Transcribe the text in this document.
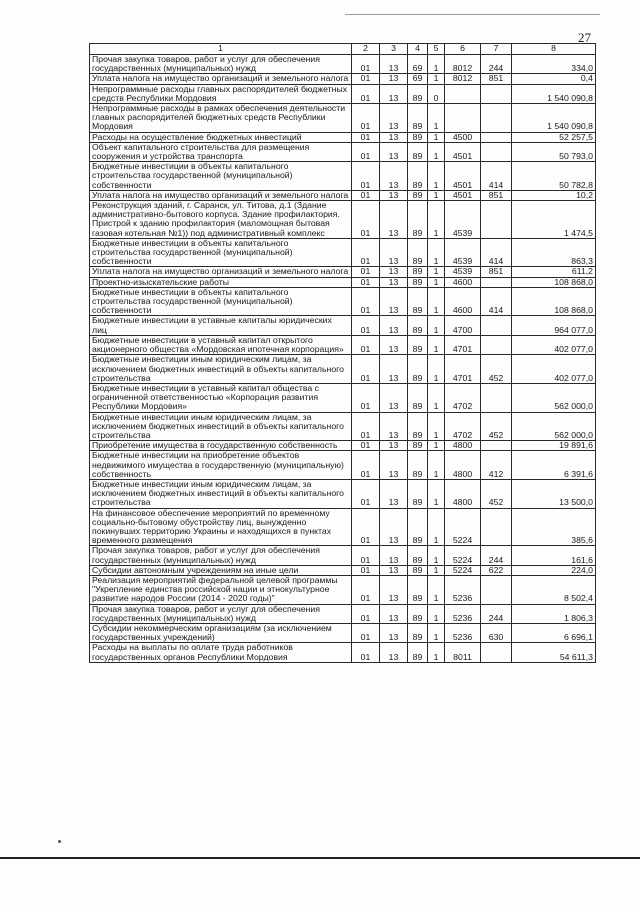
27
1	2	3	4	5	6	7	8
Прочая закупка товаров, работ и услуг для обеспечения государственных (муниципальных) нужд	01	13	69	1	8012	244	334,0
Уплата налога на имущество организаций и земельного налога	01	13	69	1	8012	851	0,4
Непрограммные расходы главных распорядителей бюджетных средств Республики Мордовия	01	13	89	0			1 540 090,8
Непрограммные расходы в рамках обеспечения деятельности главных распорядителей бюджетных средств Республики Мордовия	01	13	89	1			1 540 090,8
Расходы на осуществление бюджетных инвестиций	01	13	89	1	4500		52 257,5
Объект капитального строительства для размещения сооружения и устройства транспорта	01	13	89	1	4501		50 793,0
Бюджетные инвестиции в объекты капитального строительства государственной (муниципальной) собственности	01	13	89	1	4501	414	50 782,8
Уплата налога на имущество организаций и земельного налога	01	13	89	1	4501	851	10,2
Реконструкция зданий, г. Саранск, ул. Титова, д.1 (Здание административно-бытового корпуса. Здание профилактория. Пристрой к зданию профилактория (маломощная бытовая газовая котельная №1)) под административный комплекс	01	13	89	1	4539		1 474,5
Бюджетные инвестиции в объекты капитального строительства государственной (муниципальной) собственности	01	13	89	1	4539	414	863,3
Уплата налога на имущество организаций и земельного налога	01	13	89	1	4539	851	611,2
Проектно-изыскательские работы	01	13	89	1	4600		108 868,0
Бюджетные инвестиции в объекты капитального строительства государственной (муниципальной) собственности	01	13	89	1	4600	414	108 868,0
Бюджетные инвестиции в уставные капиталы юридических лиц	01	13	89	1	4700		964 077,0
Бюджетные инвестиции в уставный капитал открытого акционерного общества «Мордовская ипотечная корпорация»	01	13	89	1	4701		402 077,0
Бюджетные инвестиции иным юридическим лицам, за исключением бюджетных инвестиций в объекты капитального строительства	01	13	89	1	4701	452	402 077,0
Бюджетные инвестиции в уставный капитал общества с ограниченной ответственностью «Корпорация развития Республики Мордовия»	01	13	89	1	4702		562 000,0
Бюджетные инвестиции иным юридическим лицам, за исключением бюджетных инвестиций в объекты капитального строительства	01	13	89	1	4702	452	562 000,0
Приобретение имущества в государственную собственность	01	13	89	1	4800		19 891,6
Бюджетные инвестиции на приобретение объектов недвижимого имущества в государственную (муниципальную) собственность	01	13	89	1	4800	412	6 391,6
Бюджетные инвестиции иным юридическим лицам, за исключением бюджетных инвестиций в объекты капитального строительства	01	13	89	1	4800	452	13 500,0
На финансовое обеспечение мероприятий по временному социально-бытовому обустройству лиц, вынужденно покинувших территорию Украины и находящихся в пунктах временного размещения	01	13	89	1	5224		385,6
Прочая закупка товаров, работ и услуг для обеспечения государственных (муниципальных) нужд	01	13	89	1	5224	244	161,6
Субсидии автономным учреждениям на иные цели	01	13	89	1	5224	622	224,0
Реализация мероприятий федеральной целевой программы "Укрепление единства российской нации и этнокультурное развитие народов России (2014 - 2020 годы)"	01	13	89	1	5236		8 502,4
Прочая закупка товаров, работ и услуг для обеспечения государственных (муниципальных) нужд	01	13	89	1	5236	244	1 806,3
Субсидии некоммерческим организациям (за исключением государственных учреждений)	01	13	89	1	5236	630	6 696,1
Расходы на выплаты по оплате труда работников государственных органов Республики Мордовия	01	13	89	1	8011		54 611,3
